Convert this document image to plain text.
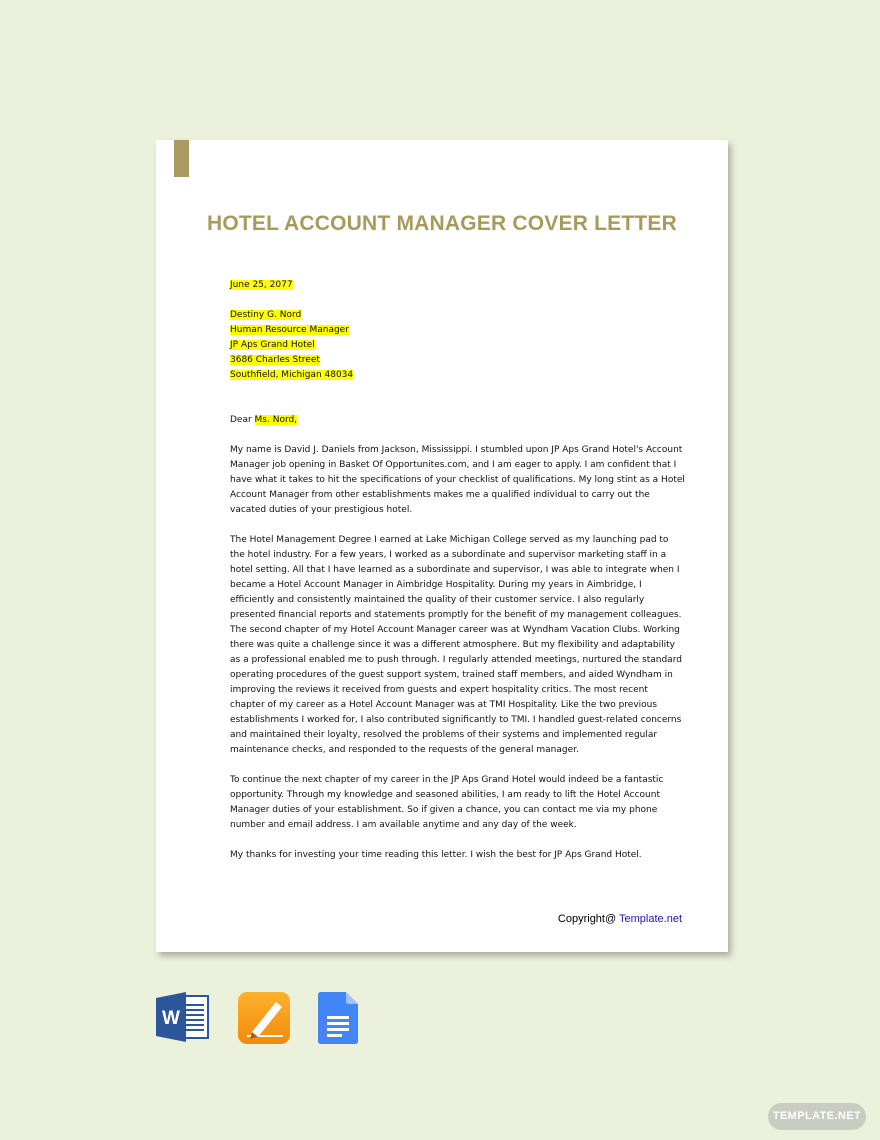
HOTEL ACCOUNT MANAGER COVER LETTER
June 25, 2077
Destiny G. Nord
Human Resource Manager
JP Aps Grand Hotel
3686 Charles Street
Southfield, Michigan 48034
Dear Ms. Nord,

My name is David J. Daniels from Jackson, Mississippi. I stumbled upon JP Aps Grand Hotel's Account Manager job opening in Basket Of Opportunites.com, and I am eager to apply. I am confident that I have what it takes to hit the specifications of your checklist of qualifications. My long stint as a Hotel Account Manager from other establishments makes me a qualified individual to carry out the vacated duties of your prestigious hotel.

The Hotel Management Degree I earned at Lake Michigan College served as my launching pad to the hotel industry. For a few years, I worked as a subordinate and supervisor marketing staff in a hotel setting. All that I have learned as a subordinate and supervisor, I was able to integrate when I became a Hotel Account Manager in Aimbridge Hospitality. During my years in Aimbridge, I efficiently and consistently maintained the quality of their customer service. I also regularly presented financial reports and statements promptly for the benefit of my management colleagues. The second chapter of my Hotel Account Manager career was at Wyndham Vacation Clubs. Working there was quite a challenge since it was a different atmosphere. But my flexibility and adaptability as a professional enabled me to push through. I regularly attended meetings, nurtured the standard operating procedures of the guest support system, trained staff members, and aided Wyndham in improving the reviews it received from guests and expert hospitality critics. The most recent chapter of my career as a Hotel Account Manager was at TMI Hospitality. Like the two previous establishments I worked for, I also contributed significantly to TMI. I handled guest-related concerns and maintained their loyalty, resolved the problems of their systems and implemented regular maintenance checks, and responded to the requests of the general manager.

To continue the next chapter of my career in the JP Aps Grand Hotel would indeed be a fantastic opportunity. Through my knowledge and seasoned abilities, I am ready to lift the Hotel Account Manager duties of your establishment. So if given a chance, you can contact me via my phone number and email address. I am available anytime and any day of the week.

My thanks for investing your time reading this letter. I wish the best for JP Aps Grand Hotel.

Copyright@ Template.net
W
TEMPLATE.NET
